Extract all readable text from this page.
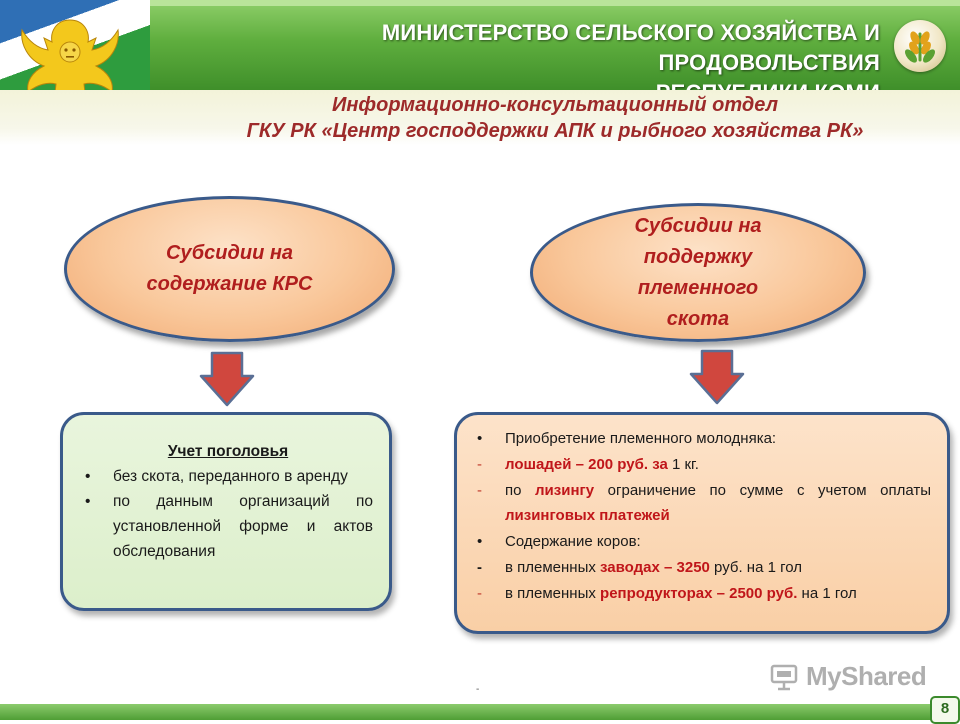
МИНИСТЕРСТВО СЕЛЬСКОГО ХОЗЯЙСТВА И ПРОДОВОЛЬСТВИЯ
Информационно-консультационный отдел
ГКУ РК «Центр господдержки АПК и рыбного хозяйства РК»
Субсидии на
содержание КРС
Субсидии на
поддержку
племенного
скота
Учет поголовья
• без скота, переданного в аренду
• по данным организаций по установленной форме и актов обследования
• Приобретение племенного молодняка:
- лошадей – 200 руб. за 1 кг.
- по лизингу ограничение по сумме с учетом оплаты лизинговых платежей
• Содержание коров:
- в племенных заводах – 3250 руб. на 1 гол
- в племенных репродукторах – 2500 руб. на 1 гол
-	MyShared
8
